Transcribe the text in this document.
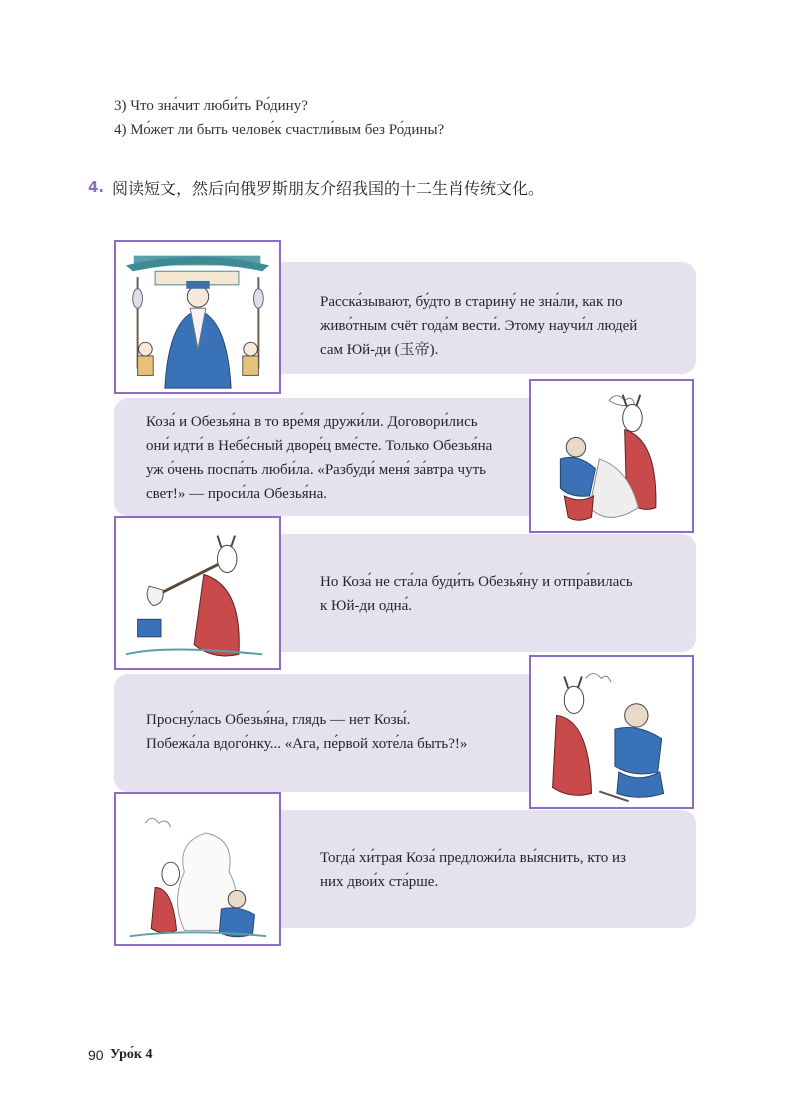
3) Что зна́чит люби́ть Ро́дину?
4) Мо́жет ли быть челове́к счастли́вым без Ро́дины?
4. 阅读短文，然后向俄罗斯朋友介绍我国的十二生肖传统文化。
Расска́зывают, бу́дто в старину́ не зна́ли, как по
живо́тным счёт года́м вести́. Этому научи́л людей
сам Юй-ди (玉帝).
Коза́ и Обезья́на в то вре́мя дружи́ли. Договори́лись
они́ идти́ в Небе́сный дворе́ц вме́сте. Только Обезья́на
уж о́чень поспа́ть люби́ла. «Разбуди́ меня́ за́втра чуть
свет!» — проси́ла Обезья́на.
Но Коза́ не ста́ла буди́ть Обезья́ну и отпра́вилась
к Юй-ди одна́.
Просну́лась Обезья́на, глядь — нет Козы́.
Побежа́ла вдого́нку... «Ага, пе́рвой хоте́ла быть?!»
Тогда́ хи́трая Коза́ предложи́ла вы́яснить, кто из
них двои́х ста́рше.
90 Уро́к 4
